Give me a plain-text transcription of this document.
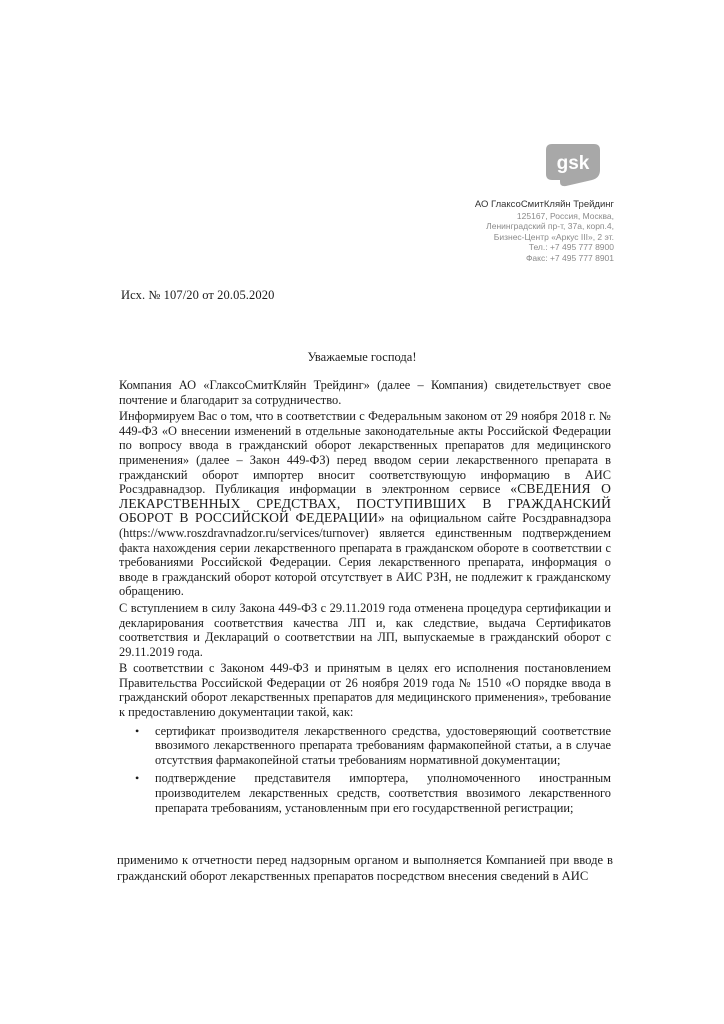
gsk
АО ГлаксоСмитКляйн Трейдинг
125167, Россия, Москва,
Ленинградский пр-т, 37а, корп.4,
Бизнес-Центр «Аркус III», 2 эт.
Тел.: +7 495 777 8900
Факс: +7 495 777 8901
Исх. № 107/20 от 20.05.2020
Уважаемые господа!

Компания АО «ГлаксоСмитКляйн Трейдинг» (далее – Компания) свидетельствует свое почтение и благодарит за сотрудничество.

Информируем Вас о том, что в соответствии с Федеральным законом от 29 ноября 2018 г. № 449-ФЗ «О внесении изменений в отдельные законодательные акты Российской Федерации по вопросу ввода в гражданский оборот лекарственных препаратов для медицинского применения» (далее – Закон 449-ФЗ) перед вводом серии лекарственного препарата в гражданский оборот импортер вносит соответствующую информацию в АИС Росздравнадзор. Публикация информации в электронном сервисе «СВЕДЕНИЯ О ЛЕКАРСТВЕННЫХ СРЕДСТВАХ, ПОСТУПИВШИХ В ГРАЖДАНСКИЙ ОБОРОТ В РОССИЙСКОЙ ФЕДЕРАЦИИ» на официальном сайте Росздравнадзора (https://www.roszdravnadzor.ru/services/turnover) является единственным подтверждением факта нахождения серии лекарственного препарата в гражданском обороте в соответствии с требованиями Российской Федерации. Серия лекарственного препарата, информация о вводе в гражданский оборот которой отсутствует в АИС РЗН, не подлежит к гражданскому обращению.

С вступлением в силу Закона 449-ФЗ с 29.11.2019 года отменена процедура сертификации и декларирования соответствия качества ЛП и, как следствие, выдача Сертификатов соответствия и Деклараций о соответствии на ЛП, выпускаемые в гражданский оборот с 29.11.2019 года.

В соответствии с Законом 449-ФЗ и принятым в целях его исполнения постановлением Правительства Российской Федерации от 26 ноября 2019 года № 1510 «О порядке ввода в гражданский оборот лекарственных препаратов для медицинского применения», требование к предоставлению документации такой, как:

• сертификат производителя лекарственного средства, удостоверяющий соответствие ввозимого лекарственного препарата требованиям фармакопейной статьи, а в случае отсутствия фармакопейной статьи требованиям нормативной документации;
• подтверждение представителя импортера, уполномоченного иностранным производителем лекарственных средств, соответствия ввозимого лекарственного препарата требованиям, установленным при его государственной регистрации;
применимо к отчетности перед надзорным органом и выполняется Компанией при вводе в гражданский оборот лекарственных препаратов посредством внесения сведений в АИС
